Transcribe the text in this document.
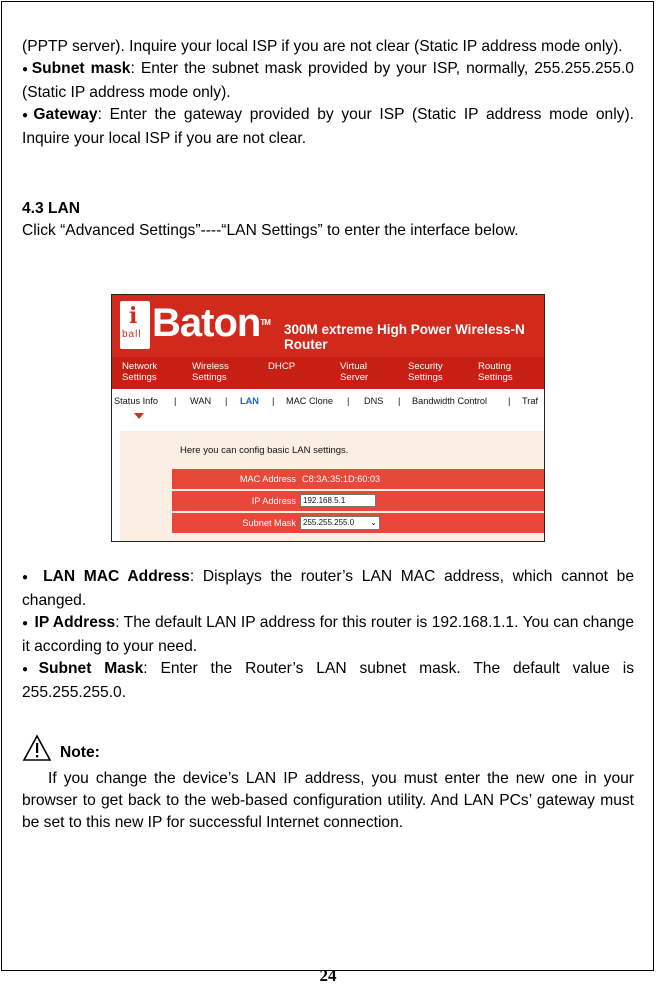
(PPTP server). Inquire your local ISP if you are not clear (Static IP address mode only).

● Subnet mask: Enter the subnet mask provided by your ISP, normally, 255.255.255.0 (Static IP address mode only).

● Gateway: Enter the gateway provided by your ISP (Static IP address mode only). Inquire your local ISP if you are not clear.

4.3 LAN

Click “Advanced Settings”----“LAN Settings” to enter the interface below.

i
ball Baton™ 300M extreme High Power Wireless-N Router
Network
Settings
Wireless
Settings
DHCP	Virtual
Server
Security
Settings
Routing
Settings
Status Info | WAN | LAN | MAC Clone | DNS | Bandwidth Control | Traf
Here you can config basic LAN settings.
MAC Address C8:3A:35:1D:60:03
IP Address 192.168.5.1
Subnet Mask 255.255.255.0 ⌄

● LAN MAC Address: Displays the router’s LAN MAC address, which cannot be changed.

● IP Address: The default LAN IP address for this router is 192.168.1.1. You can change it according to your need.

● Subnet Mask: Enter the Router’s LAN subnet mask. The default value is 255.255.255.0.

Note:
If you change the device’s LAN IP address, you must enter the new one in your browser to get back to the web-based configuration utility. And LAN PCs’ gateway must be set to this new IP for successful Internet connection.
24
